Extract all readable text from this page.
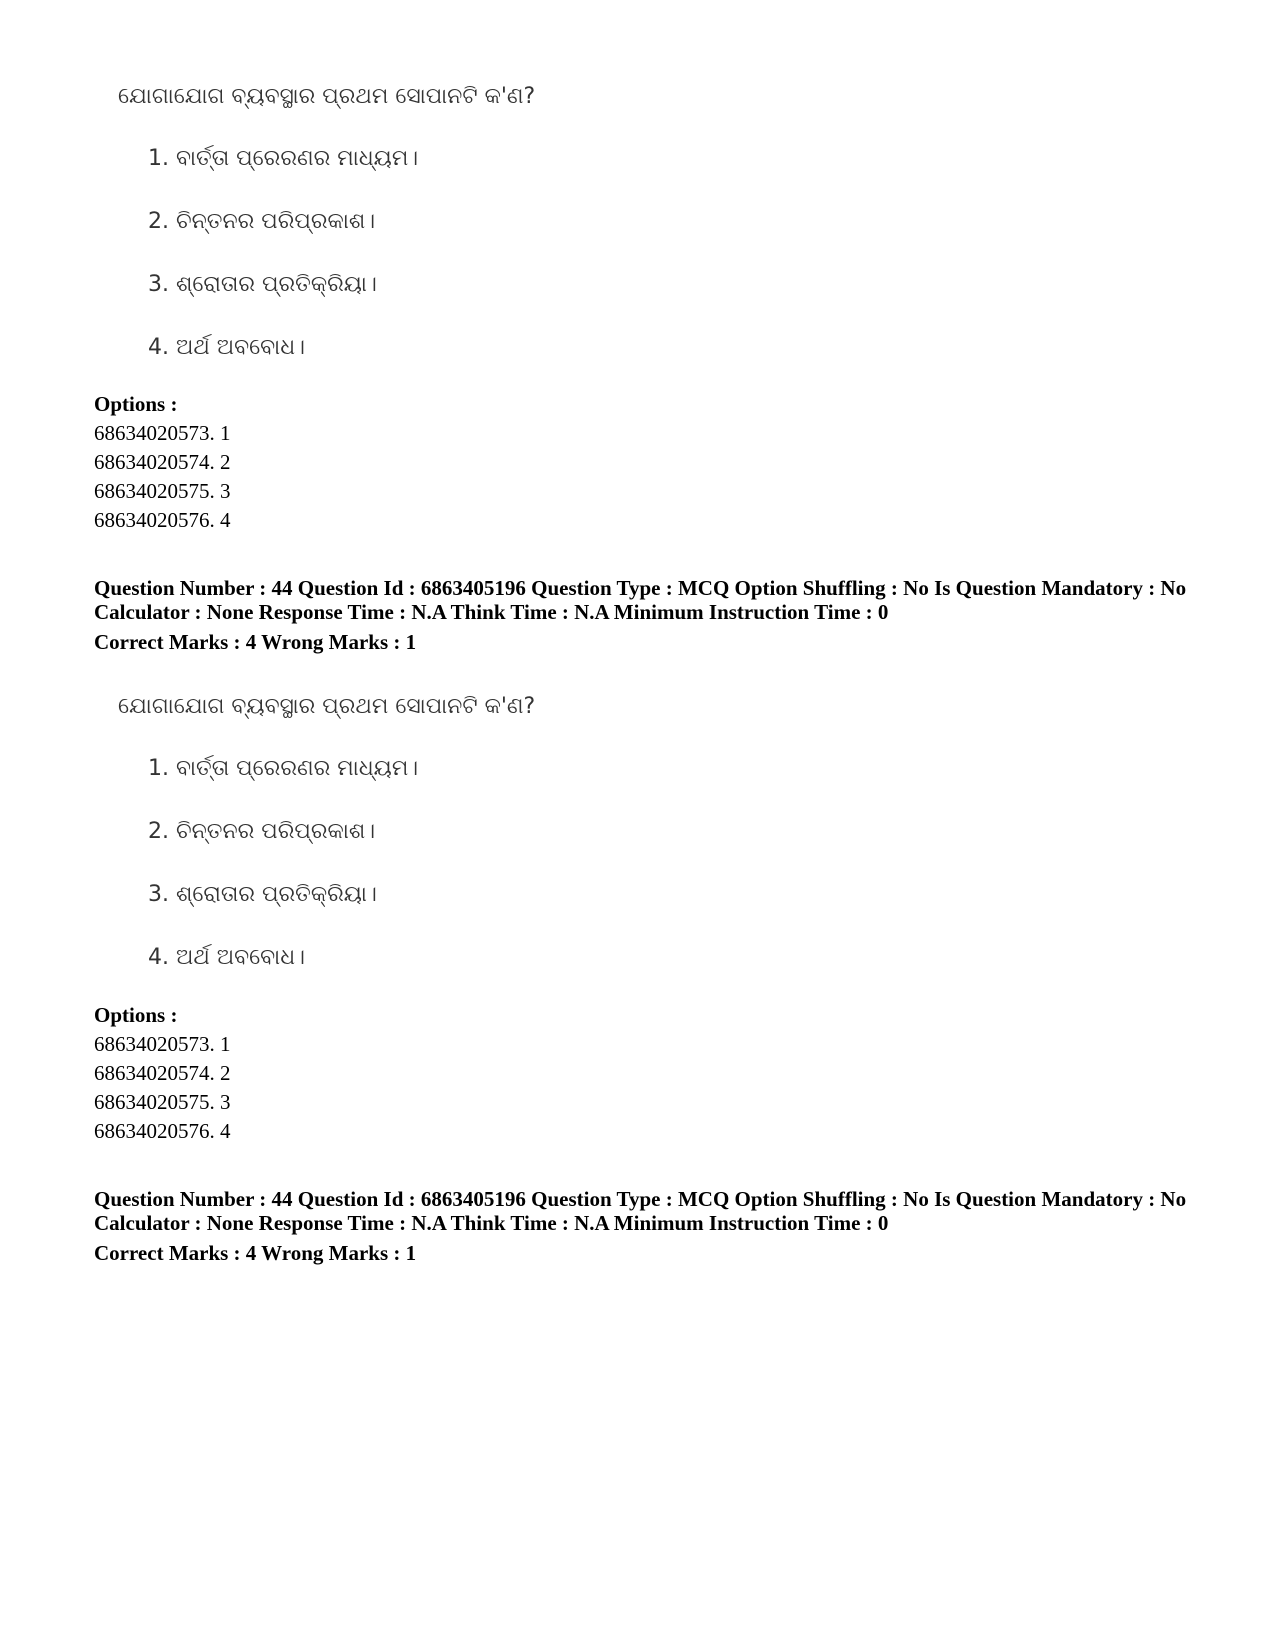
ଯୋଗାଯୋଗ ବ୍ୟବସ୍ଥାର ପ୍ରଥମ ସୋପାନଟି କ'ଣ?
1. ବାର୍ତ୍ତା ପ୍ରେରଣର ମାଧ୍ୟମ।
2. ଚିନ୍ତନର ପରିପ୍ରକାଶ।
3. ଶ୍ରୋତାର ପ୍ରତିକ୍ରିୟା।
4. ଅର୍ଥ ଅବବୋଧ।
Options :
68634020573. 1
68634020574. 2
68634020575. 3
68634020576. 4
Question Number : 44 Question Id : 6863405196 Question Type : MCQ Option Shuffling : No Is Question Mandatory : No Calculator : None Response Time : N.A Think Time : N.A Minimum Instruction Time : 0
Correct Marks : 4 Wrong Marks : 1
ଯୋଗାଯୋଗ ବ୍ୟବସ୍ଥାର ପ୍ରଥମ ସୋପାନଟି କ'ଣ?
1. ବାର୍ତ୍ତା ପ୍ରେରଣର ମାଧ୍ୟମ।
2. ଚିନ୍ତନର ପରିପ୍ରକାଶ।
3. ଶ୍ରୋତାର ପ୍ରତିକ୍ରିୟା।
4. ଅର୍ଥ ଅବବୋଧ।
Options :
68634020573. 1
68634020574. 2
68634020575. 3
68634020576. 4
Question Number : 44 Question Id : 6863405196 Question Type : MCQ Option Shuffling : No Is Question Mandatory : No Calculator : None Response Time : N.A Think Time : N.A Minimum Instruction Time : 0
Correct Marks : 4 Wrong Marks : 1
